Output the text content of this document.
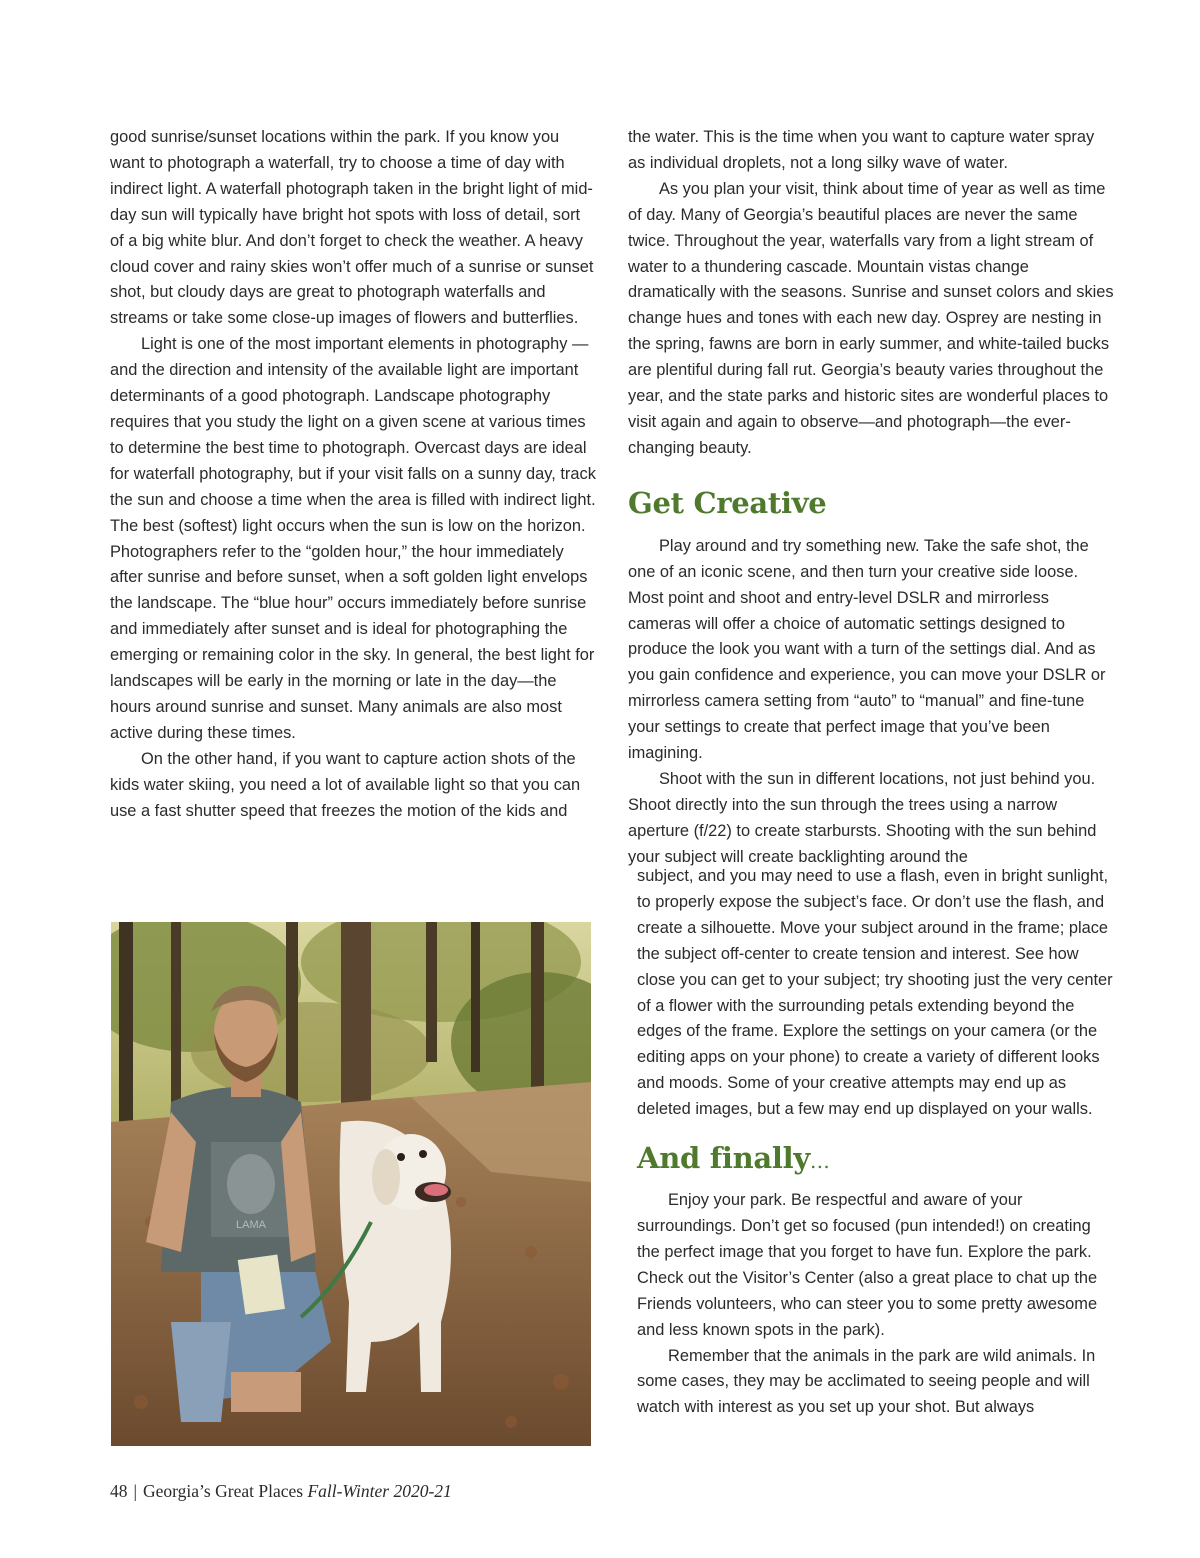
good sunrise/sunset locations within the park. If you know you want to photograph a waterfall, try to choose a time of day with indirect light. A waterfall photograph taken in the bright light of mid-day sun will typically have bright hot spots with loss of detail, sort of a big white blur. And don’t forget to check the weather. A heavy cloud cover and rainy skies won’t offer much of a sunrise or sunset shot, but cloudy days are great to photograph waterfalls and streams or take some close-up images of flowers and butterflies.

Light is one of the most important elements in photography —and the direction and intensity of the available light are important determinants of a good photograph. Landscape photography requires that you study the light on a given scene at various times to determine the best time to photograph. Overcast days are ideal for waterfall photography, but if your visit falls on a sunny day, track the sun and choose a time when the area is filled with indirect light. The best (softest) light occurs when the sun is low on the horizon. Photographers refer to the “golden hour,” the hour immediately after sunrise and before sunset, when a soft golden light envelops the landscape. The “blue hour” occurs immediately before sunrise and immediately after sunset and is ideal for photographing the emerging or remaining color in the sky. In general, the best light for landscapes will be early in the morning or late in the day—the hours around sunrise and sunset. Many animals are also most active during these times.

On the other hand, if you want to capture action shots of the kids water skiing, you need a lot of available light so that you can use a fast shutter speed that freezes the motion of the kids and

the water. This is the time when you want to capture water spray as individual droplets, not a long silky wave of water.

As you plan your visit, think about time of year as well as time of day. Many of Georgia’s beautiful places are never the same twice. Throughout the year, waterfalls vary from a light stream of water to a thundering cascade. Mountain vistas change dramatically with the seasons. Sunrise and sunset colors and skies change hues and tones with each new day. Osprey are nesting in the spring, fawns are born in early summer, and white-tailed bucks are plentiful during fall rut. Georgia’s beauty varies throughout the year, and the state parks and historic sites are wonderful places to visit again and again to observe—and photograph—the ever-changing beauty.

Get Creative

Play around and try something new. Take the safe shot, the one of an iconic scene, and then turn your creative side loose. Most point and shoot and entry-level DSLR and mirrorless cameras will offer a choice of automatic settings designed to produce the look you want with a turn of the settings dial. And as you gain confidence and experience, you can move your DSLR or mirrorless camera setting from “auto” to “manual” and fine-tune your settings to create that perfect image that you’ve been imagining.

Shoot with the sun in different locations, not just behind you. Shoot directly into the sun through the trees using a narrow aperture (f/22) to create starbursts. Shooting with the sun behind your subject will create backlighting around the

subject, and you may need to use a flash, even in bright sunlight, to properly expose the subject’s face. Or don’t use the flash, and create a silhouette. Move your subject around in the frame; place the subject off-center to create tension and interest. See how close you can get to your subject; try shooting just the very center of a flower with the surrounding petals extending beyond the edges of the frame. Explore the settings on your camera (or the editing apps on your phone) to create a variety of different looks and moods. Some of your creative attempts may end up as deleted images, but a few may end up displayed on your walls.

And finally…

Enjoy your park. Be respectful and aware of your surroundings. Don’t get so focused (pun intended!) on creating the perfect image that you forget to have fun. Explore the park. Check out the Visitor’s Center (also a great place to chat up the Friends volunteers, who can steer you to some pretty awesome and less known spots in the park).

Remember that the animals in the park are wild animals. In some cases, they may be acclimated to seeing people and will watch with interest as you set up your shot. But always

LAMA
48 | Georgia’s Great Places Fall-Winter 2020-21
